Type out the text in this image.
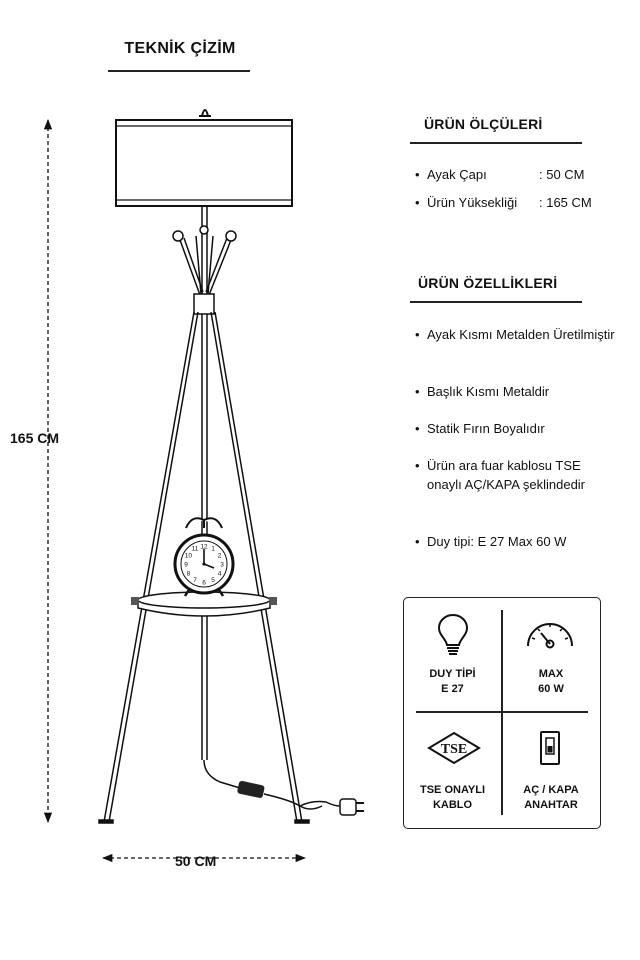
TEKNİK ÇİZİM
12 1
2
3
4
5
6
7
8
9
10
11
165 CM
50 CM
ÜRÜN ÖLÇÜLERİ
• Ayak Çapı	: 50 CM
• Ürün Yüksekliği : 165 CM
ÜRÜN ÖZELLİKLERİ
• Ayak Kısmı Metalden Üretilmiştir
• Başlık Kısmı Metaldir
• Statik Fırın Boyalıdır
• Ürün ara fuar kablosu TSE onaylı AÇ/KAPA şeklindedir
• Duy tipi: E 27 Max 60 W
DUY TİPİ
E 27
MAX
60 W
TSE
TSE ONAYLI
KABLO
AÇ / KAPA
ANAHTAR
